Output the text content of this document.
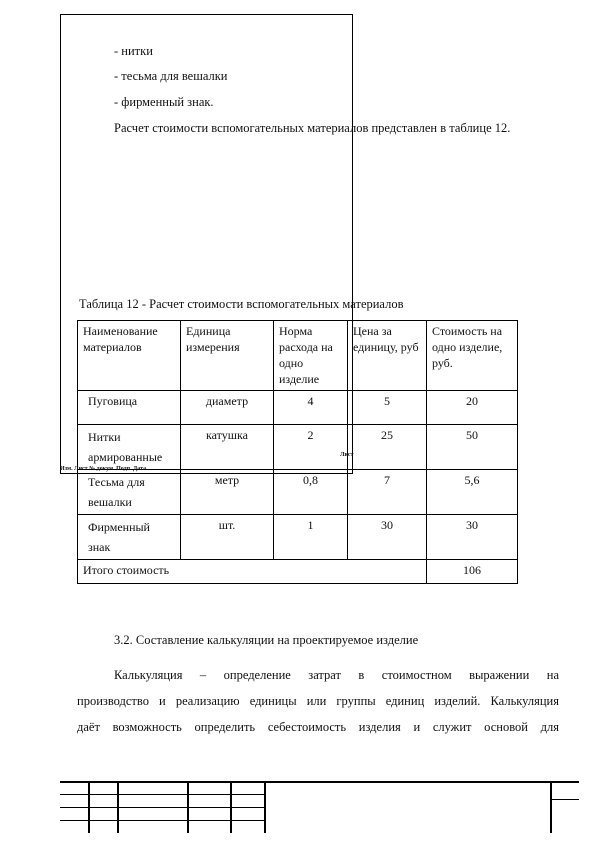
- нитки
- тесьма для вешалки
- фирменный знак.
Расчет стоимости вспомогательных материалов представлен в таблице 12.
Таблица 12 - Расчет стоимости вспомогательных материалов
Наименование материалов	Единица измерения	Норма расхода на одно изделие	Цена за единицу, руб	Стоимость на одно изделие, руб.
Пуговица	диаметр	4	5	20
Нитки армированные	катушка	2	25	50
Тесьма для вешалки	метр	0,8	7	5,6
Фирменный знак	шт.	1	30	30
Итого стоимость				106
Изм. Лист № докум. Подп. Дата
Лист
3.2. Составление калькуляции на проектируемое изделие
Калькуляция – определение затрат в стоимостном выражении на
производство и реализацию единицы или группы единиц изделий. Калькуляция
даёт возможность определить себестоимость изделия и служит основой для
